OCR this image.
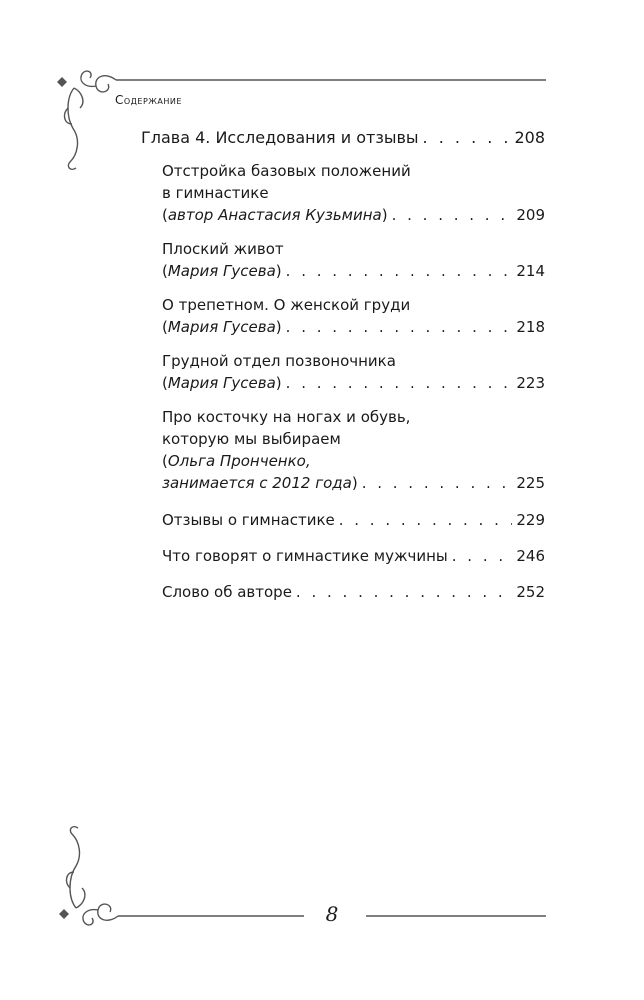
Содержание
Глава 4. Исследования и отзывы . . .	208
Отстройка базовых положений
в гимнастике
(автор Анастасия Кузьмина) . . .	209
Плоский живот
(Мария Гусева) . . .	214
О трепетном. О женской груди
(Мария Гусева) . . .	218
Грудной отдел позвоночника
(Мария Гусева) . . .	223
Про косточку на ногах и обувь,
которую мы выбираем
(Ольга Пронченко,
занимается с 2012 года) . . .	225
Отзывы о гимнастике . . .	229
Что говорят о гимнастике мужчины . . .	246
Слово об авторе . . .	252
8
